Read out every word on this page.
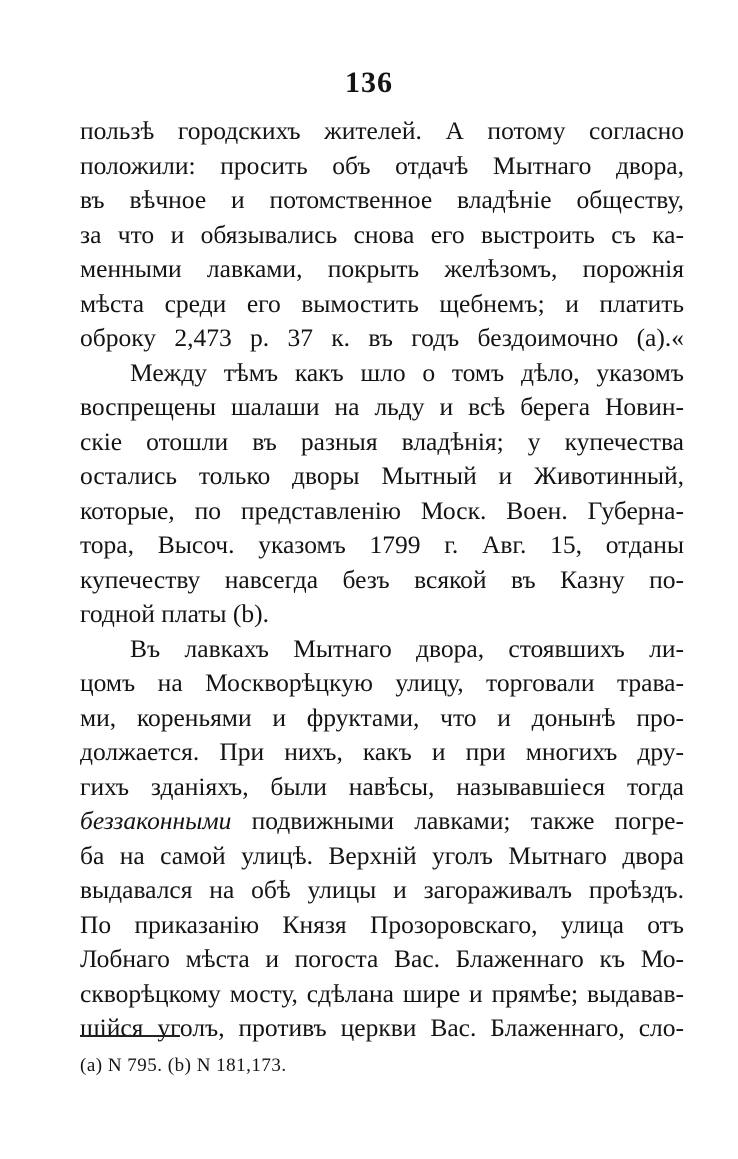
136
пользѣ городскихъ жителей. А потому согласно
положили: просить объ отдачѣ Мытнаго двора,
въ вѣчное и потомственное владѣніе обществу,
за что и обязывались снова его выстроить съ ка-
менными лавками, покрыть желѣзомъ, порожнія
мѣста среди его вымостить щебнемъ; и платить
оброку 2,473 р. 37 к. въ годъ бездоимочно (a).«
Между тѣмъ какъ шло о томъ дѣло, указомъ
воспрещены шалаши на льду и всѣ берега Новин-
скіе отошли въ разныя владѣнія; у купечества
остались только дворы Мытный и Животинный,
которые, по представленію Моск. Воен. Губерна-
тора, Высоч. указомъ 1799 г. Авг. 15, отданы
купечеству навсегда безъ всякой въ Казну по-
годной платы (b).
Въ лавкахъ Мытнаго двора, стоявшихъ ли-
цомъ на Москворѣцкую улицу, торговали трава-
ми, кореньями и фруктами, что и донынѣ про-
должается. При нихъ, какъ и при многихъ дру-
гихъ зданіяхъ, были навѣсы, называвшіеся тогда
беззаконными подвижными лавками; также погре-
ба на самой улицѣ. Верхній уголъ Мытнаго двора
выдавался на обѣ улицы и загораживалъ проѣздъ.
По приказанію Князя Прозоровскаго, улица отъ
Лобнаго мѣста и погоста Вас. Блаженнаго къ Мо-
скворѣцкому мосту, сдѣлана шире и прямѣе; выдавав-
шійся уголъ, противъ церкви Вас. Блаженнаго, сло-
(a) N 795. (b) N 181,173.
